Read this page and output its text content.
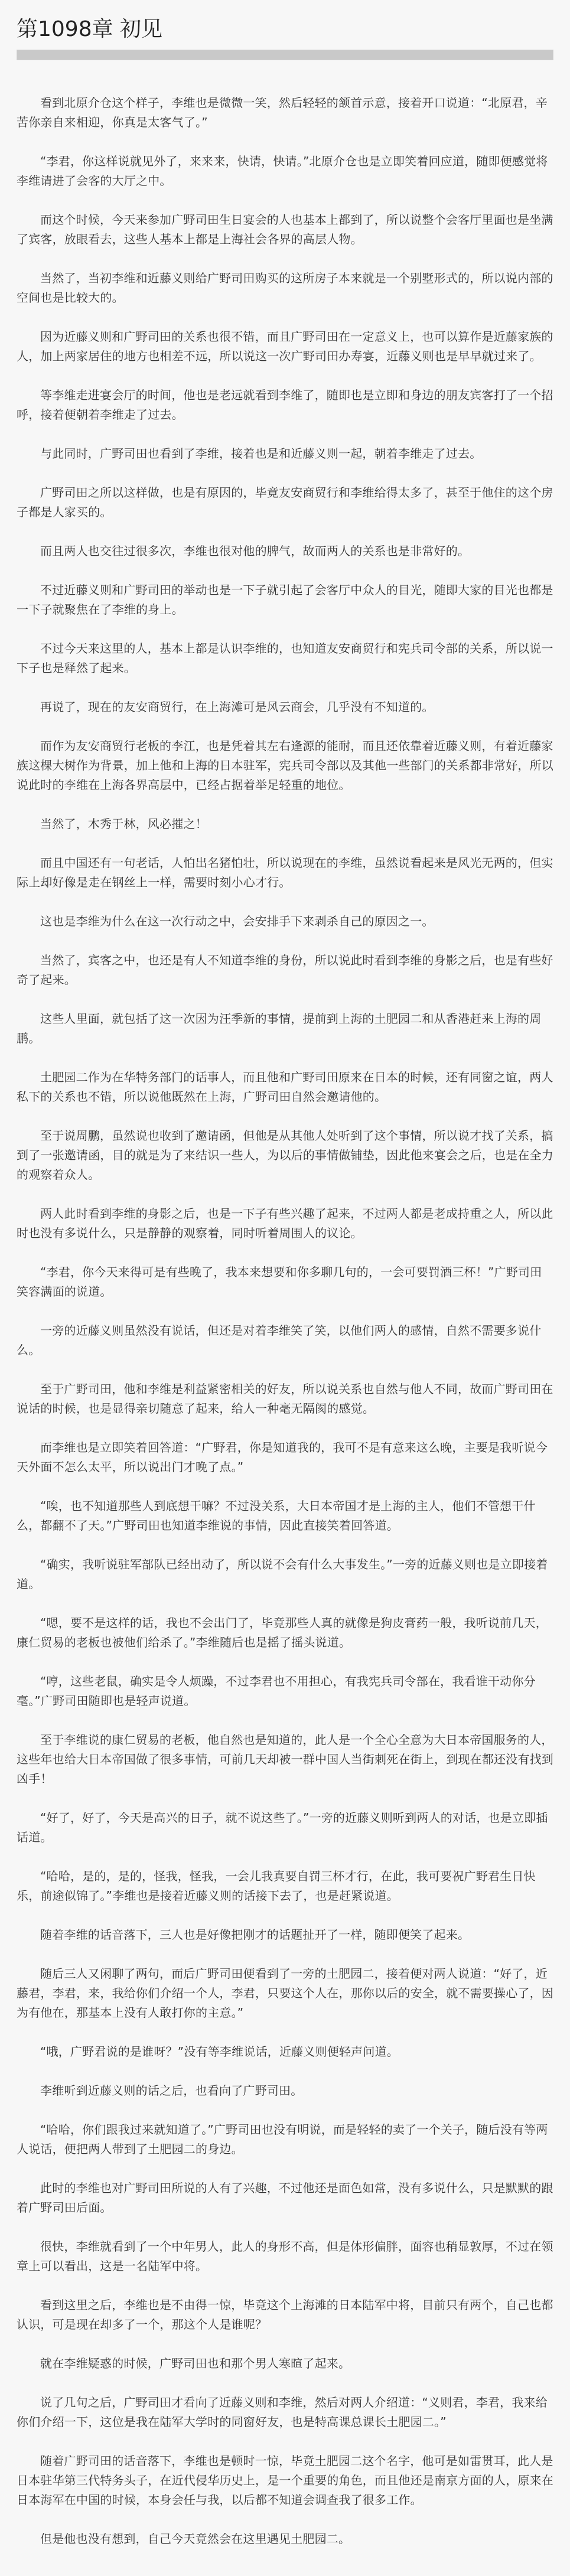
第1098章 初见

看到北原介仓这个样子，李维也是微微一笑，然后轻轻的颔首示意，接着开口说道：“北原君，辛苦你亲自来相迎，你真是太客气了。”

“李君，你这样说就见外了，来来来，快请，快请。”北原介仓也是立即笑着回应道，随即便感觉将李维请进了会客的大厅之中。

而这个时候，今天来参加广野司田生日宴会的人也基本上都到了，所以说整个会客厅里面也是坐满了宾客，放眼看去，这些人基本上都是上海社会各界的高层人物。

当然了，当初李维和近藤义则给广野司田购买的这所房子本来就是一个别墅形式的，所以说内部的空间也是比较大的。

因为近藤义则和广野司田的关系也很不错，而且广野司田在一定意义上，也可以算作是近藤家族的人，加上两家居住的地方也相差不远，所以说这一次广野司田办寿宴，近藤义则也是早早就过来了。

等李维走进宴会厅的时间，他也是老远就看到李维了，随即也是立即和身边的朋友宾客打了一个招呼，接着便朝着李维走了过去。

与此同时，广野司田也看到了李维，接着也是和近藤义则一起，朝着李维走了过去。

广野司田之所以这样做，也是有原因的，毕竟友安商贸行和李维给得太多了，甚至于他住的这个房子都是人家买的。

而且两人也交往过很多次，李维也很对他的脾气，故而两人的关系也是非常好的。

不过近藤义则和广野司田的举动也是一下子就引起了会客厅中众人的目光，随即大家的目光也都是一下子就聚焦在了李维的身上。

不过今天来这里的人，基本上都是认识李维的，也知道友安商贸行和宪兵司令部的关系，所以说一下子也是释然了起来。

再说了，现在的友安商贸行，在上海滩可是风云商会，几乎没有不知道的。

而作为友安商贸行老板的李江，也是凭着其左右逢源的能耐，而且还依靠着近藤义则，有着近藤家族这棵大树作为背景，加上他和上海的日本驻军，宪兵司令部以及其他一些部门的关系都非常好，所以说此时的李维在上海各界高层中，已经占据着举足轻重的地位。

当然了，木秀于林，风必摧之！

而且中国还有一句老话，人怕出名猪怕壮，所以说现在的李维，虽然说看起来是风光无两的，但实际上却好像是走在钢丝上一样，需要时刻小心才行。

这也是李维为什么在这一次行动之中，会安排手下来剥杀自己的原因之一。

当然了，宾客之中，也还是有人不知道李维的身份，所以说此时看到李维的身影之后，也是有些好奇了起来。

这些人里面，就包括了这一次因为汪季新的事情，提前到上海的土肥园二和从香港赶来上海的周鹏。

土肥园二作为在华特务部门的话事人，而且他和广野司田原来在日本的时候，还有同窗之谊，两人私下的关系也不错，所以说他既然在上海，广野司田自然会邀请他的。

至于说周鹏，虽然说也收到了邀请函，但他是从其他人处听到了这个事情，所以说才找了关系，搞到了一张邀请函，目的就是为了来结识一些人，为以后的事情做铺垫，因此他来宴会之后，也是在全力的观察着众人。

两人此时看到李维的身影之后，也是一下子有些兴趣了起来，不过两人都是老成持重之人，所以此时也没有多说什么，只是静静的观察着，同时听着周围人的议论。

“李君，你今天来得可是有些晚了，我本来想要和你多聊几句的，一会可要罚酒三杯！”广野司田笑容满面的说道。

一旁的近藤义则虽然没有说话，但还是对着李维笑了笑，以他们两人的感情，自然不需要多说什么。

至于广野司田，他和李维是利益紧密相关的好友，所以说关系也自然与他人不同，故而广野司田在说话的时候，也是显得亲切随意了起来，给人一种毫无隔阂的感觉。

而李维也是立即笑着回答道：“广野君，你是知道我的，我可不是有意来这么晚，主要是我听说今天外面不怎么太平，所以说出门才晚了点。”

“唉，也不知道那些人到底想干嘛？不过没关系，大日本帝国才是上海的主人，他们不管想干什么，都翻不了天。”广野司田也知道李维说的事情，因此直接笑着回答道。

“确实，我听说驻军部队已经出动了，所以说不会有什么大事发生。”一旁的近藤义则也是立即接着道。

“嗯，要不是这样的话，我也不会出门了，毕竟那些人真的就像是狗皮膏药一般，我听说前几天，康仁贸易的老板也被他们给杀了。”李维随后也是摇了摇头说道。

“哼，这些老鼠，确实是令人烦躁，不过李君也不用担心，有我宪兵司令部在，我看谁干动你分毫。”广野司田随即也是轻声说道。

至于李维说的康仁贸易的老板，他自然也是知道的，此人是一个全心全意为大日本帝国服务的人，这些年也给大日本帝国做了很多事情，可前几天却被一群中国人当街刺死在街上，到现在都还没有找到凶手！

“好了，好了，今天是高兴的日子，就不说这些了。”一旁的近藤义则听到两人的对话，也是立即插话道。

“哈哈，是的，是的，怪我，怪我，一会儿我真要自罚三杯才行，在此，我可要祝广野君生日快乐，前途似锦了。”李维也是接着近藤义则的话接下去了，也是赶紧说道。

随着李维的话音落下，三人也是好像把刚才的话题扯开了一样，随即便笑了起来。

随后三人又闲聊了两句，而后广野司田便看到了一旁的土肥园二，接着便对两人说道：“好了，近藤君，李君，来，我给你们介绍一个人，李君，只要这个人在，那你以后的安全，就不需要操心了，因为有他在，那基本上没有人敢打你的主意。”

“哦，广野君说的是谁呀？”没有等李维说话，近藤义则便轻声问道。

李维听到近藤义则的话之后，也看向了广野司田。

“哈哈，你们跟我过来就知道了。”广野司田也没有明说，而是轻轻的卖了一个关子，随后没有等两人说话，便把两人带到了土肥园二的身边。

此时的李维也对广野司田所说的人有了兴趣，不过他还是面色如常，没有多说什么，只是默默的跟着广野司田后面。

很快，李维就看到了一个中年男人，此人的身形不高，但是体形偏胖，面容也稍显敦厚，不过在领章上可以看出，这是一名陆军中将。

看到这里之后，李维也是不由得一惊，毕竟这个上海滩的日本陆军中将，目前只有两个，自己也都认识，可是现在却多了一个，那这个人是谁呢？

就在李维疑惑的时候，广野司田也和那个男人寒暄了起来。

说了几句之后，广野司田才看向了近藤义则和李维，然后对两人介绍道：“义则君，李君，我来给你们介绍一下，这位是我在陆军大学时的同窗好友，也是特高课总课长土肥园二。”

随着广野司田的话音落下，李维也是顿时一惊，毕竟土肥园二这个名字，他可是如雷贯耳，此人是日本驻华第三代特务头子，在近代侵华历史上，是一个重要的角色，而且他还是南京方面的人，原来在日本海军在中国的时候，本身会任与我，以后都不知道会调查我了很多工作。

但是他也没有想到，自己今天竟然会在这里遇见土肥园二。
